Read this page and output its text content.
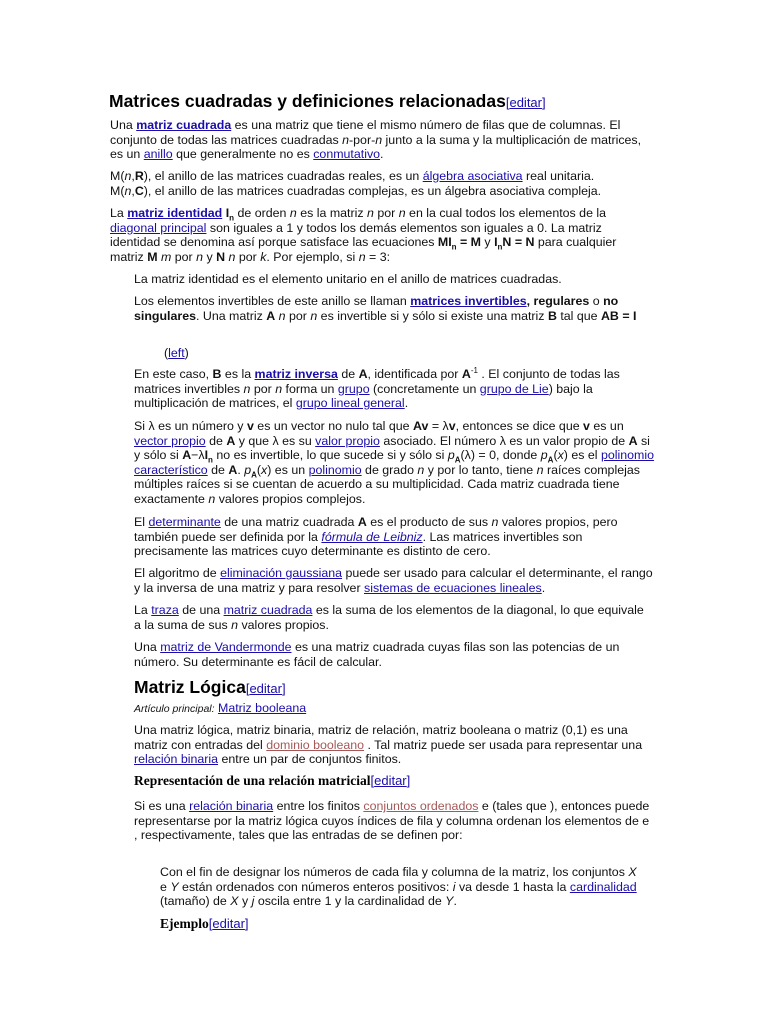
Matrices cuadradas y definiciones relacionadas[editar]

Una matriz cuadrada es una matriz que tiene el mismo número de filas que de columnas. El conjunto de todas las matrices cuadradas n-por-n junto a la suma y la multiplicación de matrices, es un anillo que generalmente no es conmutativo.

M(n,R), el anillo de las matrices cuadradas reales, es un álgebra asociativa real unitaria.
M(n,C), el anillo de las matrices cuadradas complejas, es un álgebra asociativa compleja.

La matriz identidad $I_n$ de orden n es la matriz n por n en la cual todos los elementos de la diagonal principal son iguales a 1 y todos los demás elementos son iguales a 0. La matriz identidad se denomina así porque satisface las ecuaciones $MI_n = M$ y $I_nN = N$ para cualquier matriz M m por n y N n por k. Por ejemplo, si n = 3:

La matriz identidad es el elemento unitario en el anillo de matrices cuadradas.

Los elementos invertibles de este anillo se llaman matrices invertibles, regulares o no singulares. Una matriz A n por n es invertible si y sólo si existe una matriz B tal que AB = I

(left)

En este caso, B es la matriz inversa de A, identificada por $A^{-1}$ . El conjunto de todas las matrices invertibles n por n forma un grupo (concretamente un grupo de Lie) bajo la multiplicación de matrices, el grupo lineal general.

Si λ es un número y v es un vector no nulo tal que Av = λv, entonces se dice que v es un vector propio de A y que λ es su valor propio asociado. El número λ es un valor propio de A si y sólo si $A-\lambda I_n$ no es invertible, lo que sucede si y sólo si $p_A(\lambda) = 0$, donde $p_A(x)$ es el polinomio característico de A. $p_A(x)$ es un polinomio de grado n y por lo tanto, tiene n raíces complejas múltiples raíces si se cuentan de acuerdo a su multiplicidad. Cada matriz cuadrada tiene exactamente n valores propios complejos.

El determinante de una matriz cuadrada A es el producto de sus n valores propios, pero también puede ser definida por la fórmula de Leibniz. Las matrices invertibles son precisamente las matrices cuyo determinante es distinto de cero.

El algoritmo de eliminación gaussiana puede ser usado para calcular el determinante, el rango y la inversa de una matriz y para resolver sistemas de ecuaciones lineales.

La traza de una matriz cuadrada es la suma de los elementos de la diagonal, lo que equivale a la suma de sus n valores propios.

Una matriz de Vandermonde es una matriz cuadrada cuyas filas son las potencias de un número. Su determinante es fácil de calcular.

Matriz Lógica[editar]

Artículo principal: Matriz booleana

Una matriz lógica, matriz binaria, matriz de relación, matriz booleana o matriz (0,1) es una matriz con entradas del dominio booleano . Tal matriz puede ser usada para representar una relación binaria entre un par de conjuntos finitos.

Representación de una relación matricial[editar]

Si es una relación binaria entre los finitos conjuntos ordenados e (tales que ), entonces puede representarse por la matriz lógica cuyos índices de fila y columna ordenan los elementos de e , respectivamente, tales que las entradas de se definen por:

Con el fin de designar los números de cada fila y columna de la matriz, los conjuntos X e Y están ordenados con números enteros positivos: i va desde 1 hasta la cardinalidad (tamaño) de X y j oscila entre 1 y la cardinalidad de Y.

Ejemplo[editar]
